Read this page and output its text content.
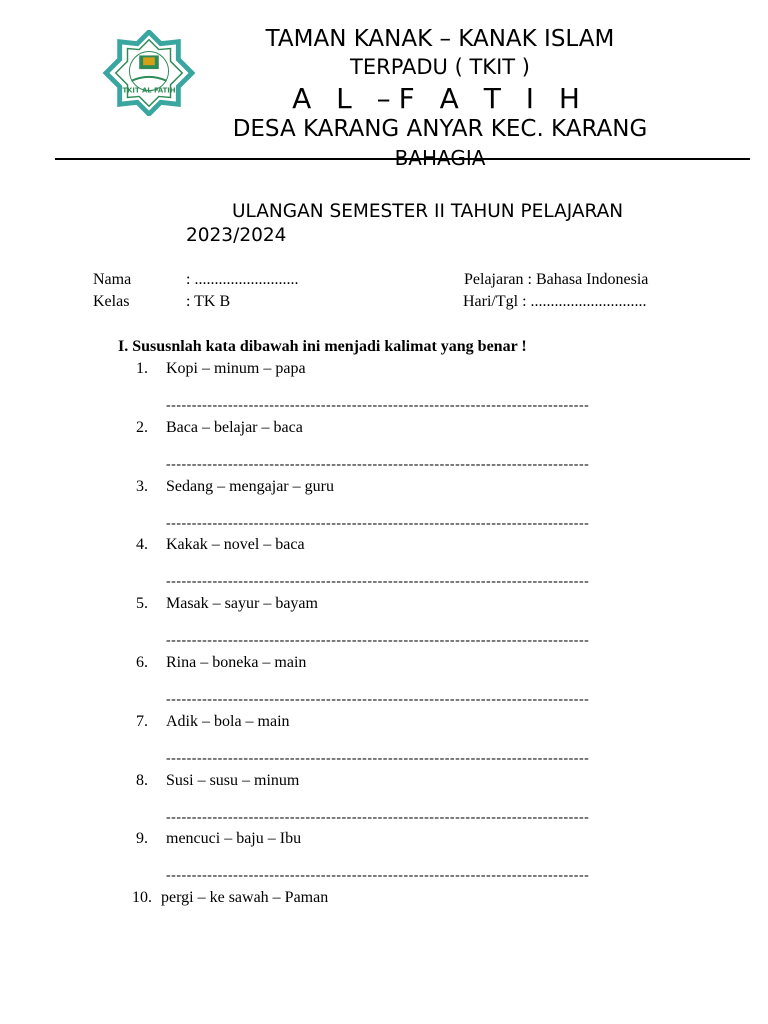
TKIT AL FATIH
TAMAN KANAK – KANAK ISLAM
TERPADU ( TKIT )
A L –F A T I H
DESA KARANG ANYAR KEC. KARANG
BAHAGIA
ULANGAN SEMESTER II TAHUN PELAJARAN
2023/2024
Nama	: ..........................	Pelajaran : Bahasa Indonesia
Kelas	: TK B	Hari/Tgl : .............................
I. Sususnlah kata dibawah ini menjadi kalimat yang benar !
1. Kopi – minum – papa
----------------------------------------------------------------------------------
2. Baca – belajar – baca
----------------------------------------------------------------------------------
3. Sedang – mengajar – guru
----------------------------------------------------------------------------------
4. Kakak – novel – baca
----------------------------------------------------------------------------------
5. Masak – sayur – bayam
----------------------------------------------------------------------------------
6. Rina – boneka – main
----------------------------------------------------------------------------------
7. Adik – bola – main
----------------------------------------------------------------------------------
8. Susi – susu – minum
----------------------------------------------------------------------------------
9. mencuci – baju – Ibu
----------------------------------------------------------------------------------
10. pergi – ke sawah – Paman
